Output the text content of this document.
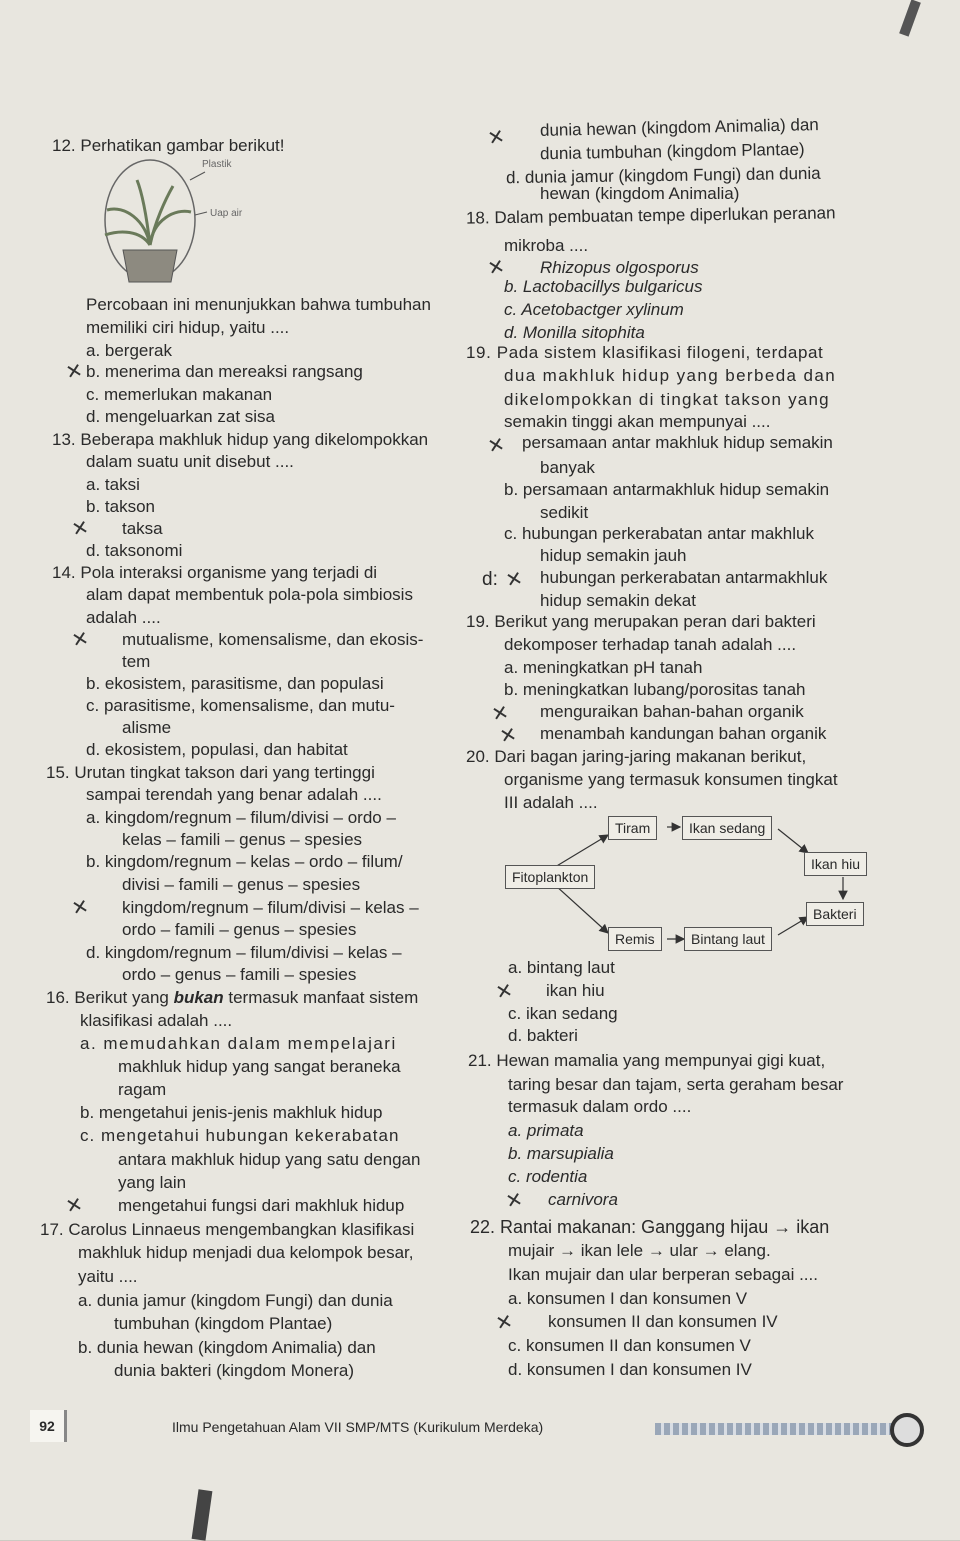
12. Perhatikan gambar berikut!
Plastik
Uap air
Percobaan ini menunjukkan bahwa tumbuhan
memiliki ciri hidup, yaitu ....
a. bergerak
✕ b. menerima dan mereaksi rangsang
c. memerlukan makanan
d. mengeluarkan zat sisa
13. Beberapa makhluk hidup yang dikelompokkan
dalam suatu unit disebut ....
a. taksi
b. takson
✕ taksa
d. taksonomi
14. Pola interaksi organisme yang terjadi di
alam dapat membentuk pola-pola simbiosis
adalah ....
✕ mutualisme, komensalisme, dan ekosis-
tem
b. ekosistem, parasitisme, dan populasi
c. parasitisme, komensalisme, dan mutu-
alisme
d. ekosistem, populasi, dan habitat
15. Urutan tingkat takson dari yang tertinggi
sampai terendah yang benar adalah ....
a. kingdom/regnum – filum/divisi – ordo –
kelas – famili – genus – spesies
b. kingdom/regnum – kelas – ordo – filum/
divisi – famili – genus – spesies
✕ kingdom/regnum – filum/divisi – kelas –
ordo – famili – genus – spesies
d. kingdom/regnum – filum/divisi – kelas –
ordo – genus – famili – spesies
16. Berikut yang bukan termasuk manfaat sistem
klasifikasi adalah ....
a. memudahkan dalam mempelajari
makhluk hidup yang sangat beraneka
ragam
b. mengetahui jenis-jenis makhluk hidup
c. mengetahui hubungan kekerabatan
antara makhluk hidup yang satu dengan
yang lain
✕ mengetahui fungsi dari makhluk hidup
17. Carolus Linnaeus mengembangkan klasifikasi
makhluk hidup menjadi dua kelompok besar,
yaitu ....
a. dunia jamur (kingdom Fungi) dan dunia
tumbuhan (kingdom Plantae)
b. dunia hewan (kingdom Animalia) dan
dunia bakteri (kingdom Monera)
✕ dunia hewan (kingdom Animalia) dan
dunia tumbuhan (kingdom Plantae)
d. dunia jamur (kingdom Fungi) dan dunia
hewan (kingdom Animalia)
18. Dalam pembuatan tempe diperlukan peranan
mikroba ....
✕ Rhizopus olgosporus
b. Lactobacillys bulgaricus
c. Acetobactger xylinum
d. Monilla sitophita
19. Pada sistem klasifikasi filogeni, terdapat
dua makhluk hidup yang berbeda dan
dikelompokkan di tingkat takson yang
semakin tinggi akan mempunyai ....
✕ persamaan antar makhluk hidup semakin
banyak
b. persamaan antarmakhluk hidup semakin
sedikit
c. hubungan perkerabatan antar makhluk
hidup semakin jauh
d: ✕ hubungan perkerabatan antarmakhluk
hidup semakin dekat
19. Berikut yang merupakan peran dari bakteri
dekomposer terhadap tanah adalah ....
a. meningkatkan pH tanah
b. meningkatkan lubang/porositas tanah
✕ menguraikan bahan-bahan organik
✕ menambah kandungan bahan organik
20. Dari bagan jaring-jaring makanan berikut,
organisme yang termasuk konsumen tingkat
III adalah ....
Tiram	Ikan sedang
Fitoplankton
Ikan hiu
Bakteri
Remis	Bintang laut
a. bintang laut
✕ ikan hiu
c. ikan sedang
d. bakteri
21. Hewan mamalia yang mempunyai gigi kuat,
taring besar dan tajam, serta geraham besar
termasuk dalam ordo ....
a. primata
b. marsupialia
c. rodentia
✕ carnivora
22. Rantai makanan: Ganggang hijau → ikan
mujair → ikan lele → ular → elang.
Ikan mujair dan ular berperan sebagai ....
a. konsumen I dan konsumen V
✕ konsumen II dan konsumen IV
c. konsumen II dan konsumen V
d. konsumen I dan konsumen IV
92	Ilmu Pengetahuan Alam VII SMP/MTS (Kurikulum Merdeka)
